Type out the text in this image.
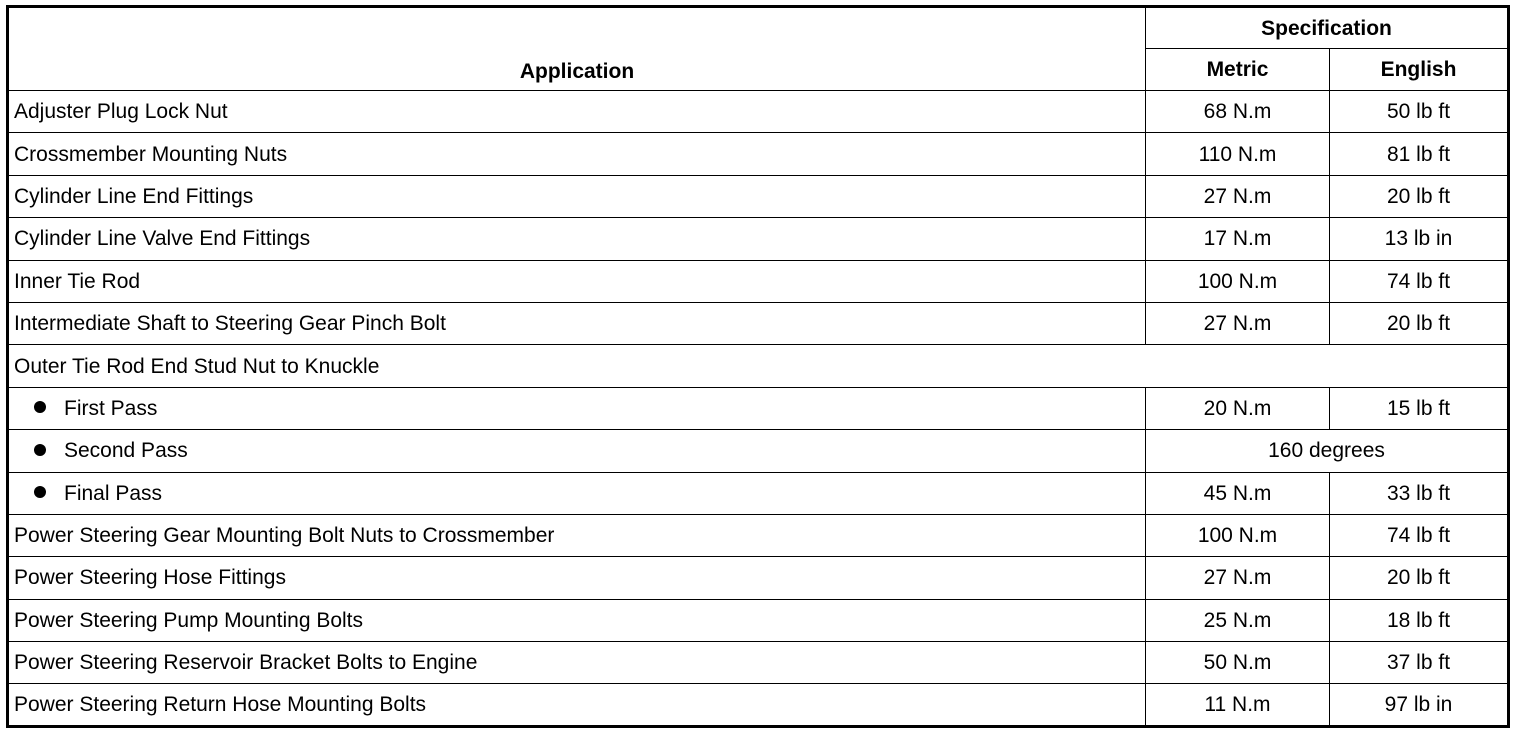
Application	Specification	
	Metric	English
Adjuster Plug Lock Nut	68 N.m	50 lb ft
Crossmember Mounting Nuts	110 N.m	81 lb ft
Cylinder Line End Fittings	27 N.m	20 lb ft
Cylinder Line Valve End Fittings	17 N.m	13 lb in
Inner Tie Rod	100 N.m	74 lb ft
Intermediate Shaft to Steering Gear Pinch Bolt	27 N.m	20 lb ft
Outer Tie Rod End Stud Nut to Knuckle		
First Pass	20 N.m	15 lb ft
Second Pass	160 degrees	
Final Pass	45 N.m	33 lb ft
Power Steering Gear Mounting Bolt Nuts to Crossmember	100 N.m	74 lb ft
Power Steering Hose Fittings	27 N.m	20 lb ft
Power Steering Pump Mounting Bolts	25 N.m	18 lb ft
Power Steering Reservoir Bracket Bolts to Engine	50 N.m	37 lb ft
Power Steering Return Hose Mounting Bolts	11 N.m	97 lb in
